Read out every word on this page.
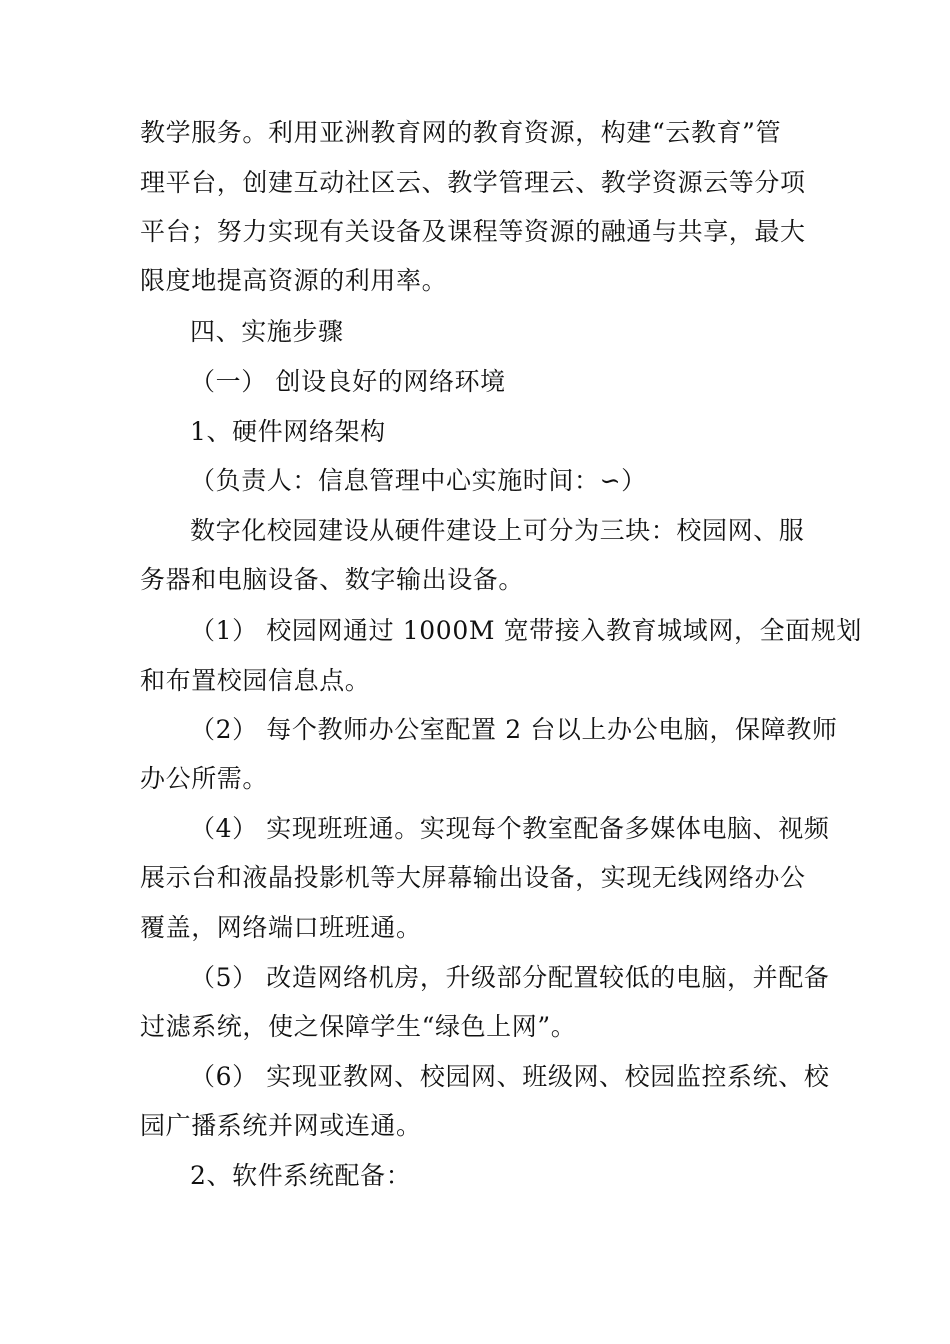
教学服务。利用亚洲教育网的教育资源，构建“云教育”管
理平台，创建互动社区云、教学管理云、教学资源云等分项
平台；努力实现有关设备及课程等资源的融通与共享，最大
限度地提高资源的利用率。
四、实施步骤
（一） 创设良好的网络环境
1、硬件网络架构
（负责人：信息管理中心实施时间：∽）
数字化校园建设从硬件建设上可分为三块：校园网、服
务器和电脑设备、数字输出设备。
（1） 校园网通过 1000M 宽带接入教育城域网，全面规划
和布置校园信息点。
（2） 每个教师办公室配置 2 台以上办公电脑，保障教师
办公所需。
（4） 实现班班通。实现每个教室配备多媒体电脑、视频
展示台和液晶投影机等大屏幕输出设备，实现无线网络办公
覆盖，网络端口班班通。
（5） 改造网络机房，升级部分配置较低的电脑，并配备
过滤系统，使之保障学生“绿色上网”。
（6） 实现亚教网、校园网、班级网、校园监控系统、校
园广播系统并网或连通。
2、软件系统配备：
